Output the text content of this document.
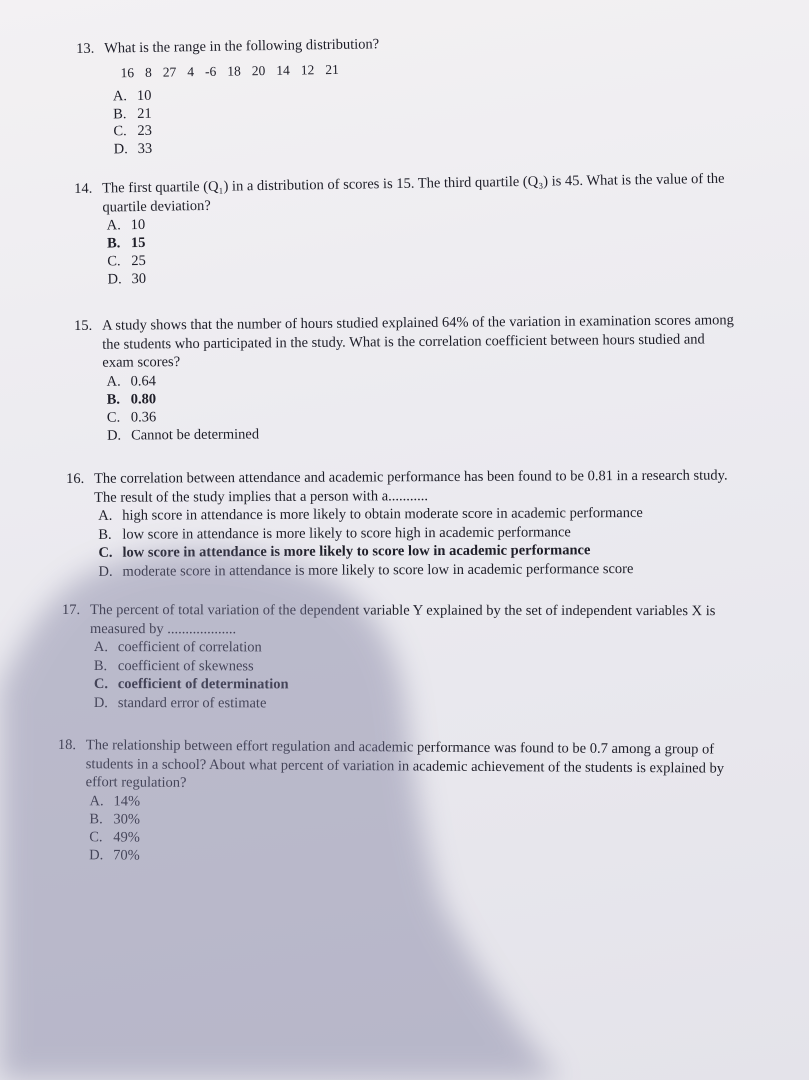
13. What is the range in the following distribution?
16 8 27 4 -6 18 20 14 12 21
A. 10
B. 21
C. 23
D. 33
14. The first quartile (Q₁) in a distribution of scores is 15. The third quartile (Q₃) is 45. What is the value of the quartile deviation?
A. 10
B. 15
C. 25
D. 30
15. A study shows that the number of hours studied explained 64% of the variation in examination scores among the students who participated in the study. What is the correlation coefficient between hours studied and exam scores?
A. 0.64
B. 0.80
C. 0.36
D. Cannot be determined
16. The correlation between attendance and academic performance has been found to be 0.81 in a research study. The result of the study implies that a person with a...........
A. high score in attendance is more likely to obtain moderate score in academic performance
B. low score in attendance is more likely to score high in academic performance
C. low score in attendance is more likely to score low in academic performance
D. moderate score in attendance is more likely to score low in academic performance score
17. The percent of total variation of the dependent variable Y explained by the set of independent variables X is measured by ...................
A. coefficient of correlation
B. coefficient of skewness
C. coefficient of determination
D. standard error of estimate
18. The relationship between effort regulation and academic performance was found to be 0.7 among a group of students in a school? About what percent of variation in academic achievement of the students is explained by effort regulation?
A. 14%
B. 30%
C. 49%
D. 70%
